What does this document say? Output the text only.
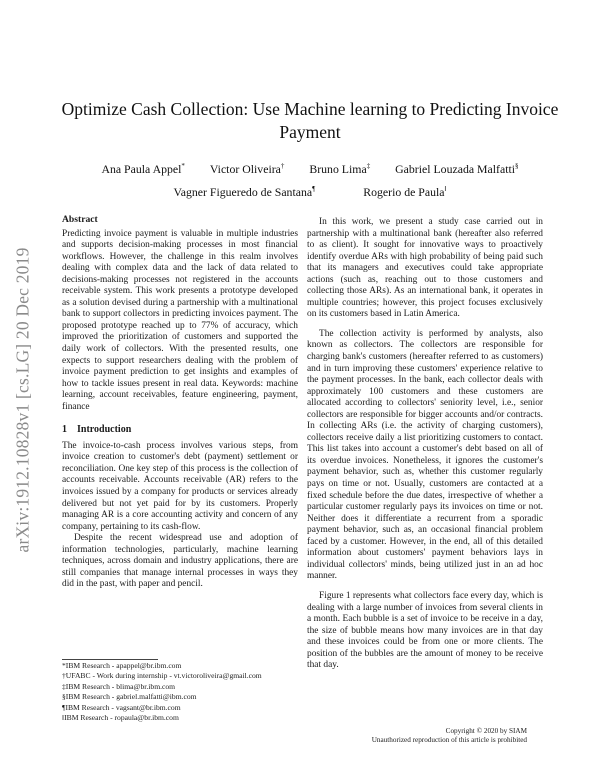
arXiv:1912.10828v1 [cs.LG] 20 Dec 2019
Optimize Cash Collection: Use Machine learning to Predicting Invoice Payment
Ana Paula Appel* Victor Oliveira† Bruno Lima‡ Gabriel Louzada Malfatti§
Vagner Figueredo de Santana¶	Rogerio de Paula‖
Abstract

Predicting invoice payment is valuable in multiple industries and supports decision-making processes in most financial workflows. However, the challenge in this realm involves dealing with complex data and the lack of data related to decisions-making processes not registered in the accounts receivable system. This work presents a prototype developed as a solution devised during a partnership with a multinational bank to support collectors in predicting invoices payment. The proposed prototype reached up to 77% of accuracy, which improved the prioritization of customers and supported the daily work of collectors. With the presented results, one expects to support researchers dealing with the problem of invoice payment prediction to get insights and examples of how to tackle issues present in real data. Keywords: machine learning, account receivables, feature engineering, payment, finance

1 Introduction

The invoice-to-cash process involves various steps, from invoice creation to customer's debt (payment) settlement or reconciliation. One key step of this process is the collection of accounts receivable. Accounts receivable (AR) refers to the invoices issued by a company for products or services already delivered but not yet paid for by its customers. Properly managing AR is a core accounting activity and concern of any company, pertaining to its cash-flow.

Despite the recent widespread use and adoption of information technologies, particularly, machine learning techniques, across domain and industry applications, there are still companies that manage internal processes in ways they did in the past, with paper and pencil.

In this work, we present a study case carried out in partnership with a multinational bank (hereafter also referred to as client). It sought for innovative ways to proactively identify overdue ARs with high probability of being paid such that its managers and executives could take appropriate actions (such as, reaching out to those customers and collecting those ARs). As an international bank, it operates in multiple countries; however, this project focuses exclusively on its customers based in Latin America.

The collection activity is performed by analysts, also known as collectors. The collectors are responsible for charging bank's customers (hereafter referred to as customers) and in turn improving these customers' experience relative to the payment processes. In the bank, each collector deals with approximately 100 customers and these customers are allocated according to collectors' seniority level, i.e., senior collectors are responsible for bigger accounts and/or contracts. In collecting ARs (i.e. the activity of charging customers), collectors receive daily a list prioritizing customers to contact. This list takes into account a customer's debt based on all of its overdue invoices. Nonetheless, it ignores the customer's payment behavior, such as, whether this customer regularly pays on time or not. Usually, customers are contacted at a fixed schedule before the due dates, irrespective of whether a particular customer regularly pays its invoices on time or not. Neither does it differentiate a recurrent from a sporadic payment behavior, such as, an occasional financial problem faced by a customer. However, in the end, all of this detailed information about customers' payment behaviors lays in individual collectors' minds, being utilized just in an ad hoc manner.

Figure 1 represents what collectors face every day, which is dealing with a large number of invoices from several clients in a month. Each bubble is a set of invoice to be receive in a day, the size of bubble means how many invoices are in that day and these invoices could be from one or more clients. The position of the bubbles are the amount of money to be receive that day.

*IBM Research - apappel@br.ibm.com
†UFABC - Work during internship - vt.victoroliveira@gmail.com
‡IBM Research - blima@br.ibm.com
§IBM Research - gabriel.malfatti@ibm.com
¶IBM Research - vagsant@br.ibm.com
‖IBM Research - ropaula@br.ibm.com
Copyright © 2020 by SIAM
Unauthorized reproduction of this article is prohibited
